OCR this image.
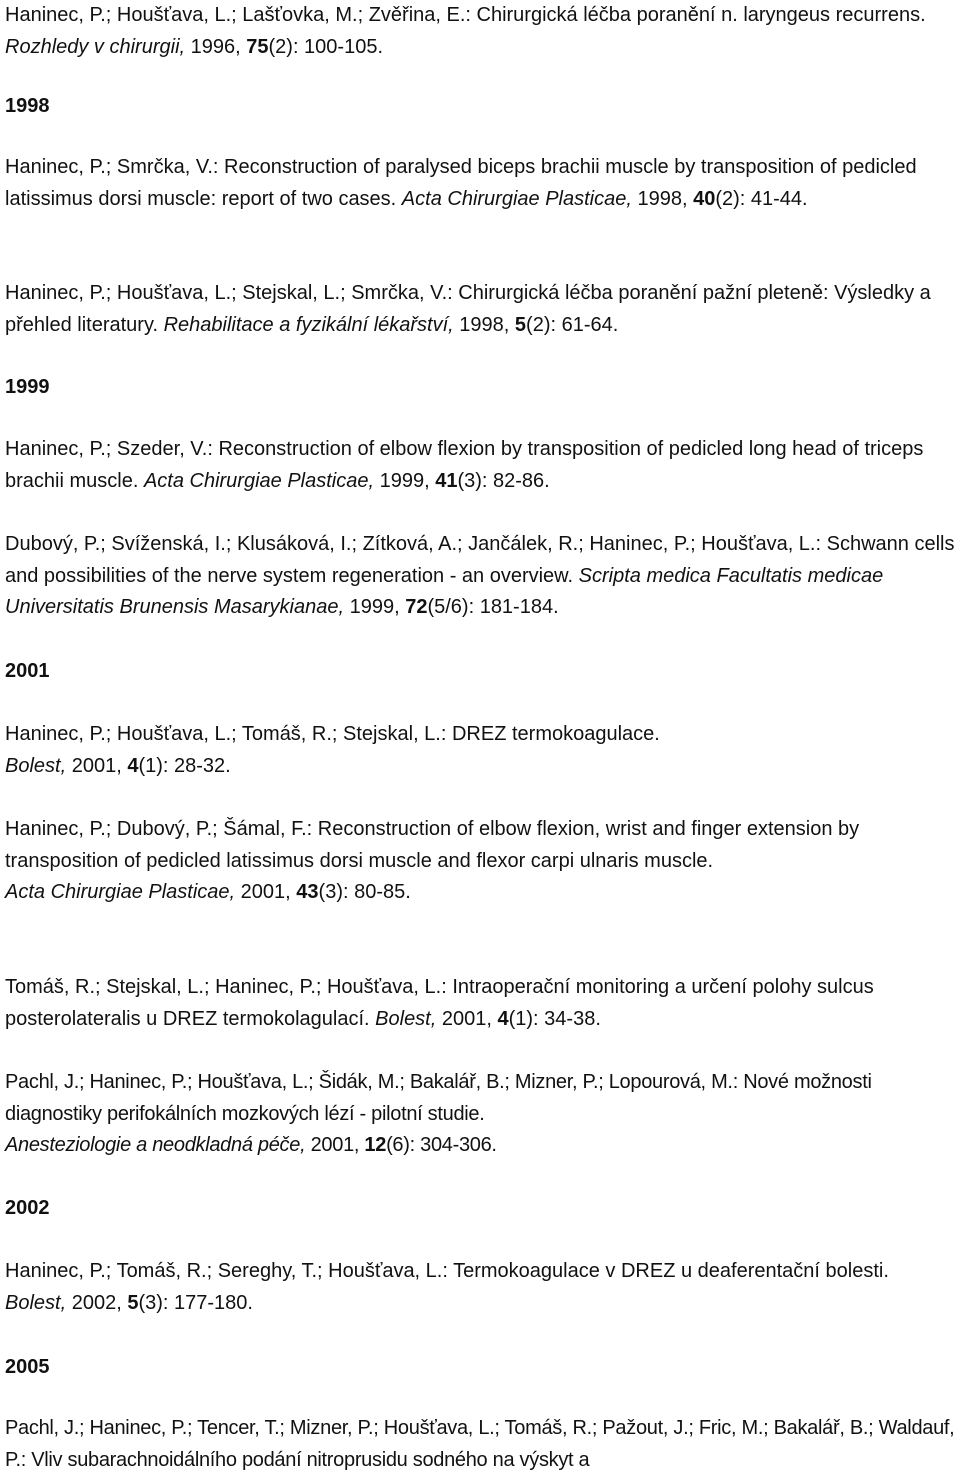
Haninec, P.; Houšťava, L.; Lašťovka, M.; Zvěřina, E.: Chirurgická léčba poranění n. laryngeus recurrens. Rozhledy v chirurgii, 1996, 75(2): 100-105.
1998
Haninec, P.; Smrčka, V.: Reconstruction of paralysed biceps brachii muscle by transposition of pedicled latissimus dorsi muscle: report of two cases. Acta Chirurgiae Plasticae, 1998, 40(2): 41-44.
Haninec, P.; Houšťava, L.; Stejskal, L.; Smrčka, V.: Chirurgická léčba poranění pažní pleteně: Výsledky a přehled literatury. Rehabilitace a fyzikální lékařství, 1998, 5(2): 61-64.
1999
Haninec, P.; Szeder, V.: Reconstruction of elbow flexion by transposition of pedicled long head of triceps brachii muscle. Acta Chirurgiae Plasticae, 1999, 41(3): 82-86.
Dubový, P.; Svíženská, I.; Klusáková, I.; Zítková, A.; Jančálek, R.; Haninec, P.; Houšťava, L.: Schwann cells and possibilities of the nerve system regeneration - an overview. Scripta medica Facultatis medicae Universitatis Brunensis Masarykianae, 1999, 72(5/6): 181-184.
2001
Haninec, P.; Houšťava, L.; Tomáš, R.; Stejskal, L.: DREZ termokoagulace.
Bolest, 2001, 4(1): 28-32.
Haninec, P.; Dubový, P.; Šámal, F.: Reconstruction of elbow flexion, wrist and finger extension by transposition of pedicled latissimus dorsi muscle and flexor carpi ulnaris muscle.
Acta Chirurgiae Plasticae, 2001, 43(3): 80-85.
Tomáš, R.; Stejskal, L.; Haninec, P.; Houšťava, L.: Intraoperační monitoring a určení polohy sulcus posterolateralis u DREZ termokolagulací. Bolest, 2001, 4(1): 34-38.
Pachl, J.; Haninec, P.; Houšťava, L.; Šidák, M.; Bakalář, B.; Mizner, P.; Lopourová, M.: Nové možnosti diagnostiky perifokálních mozkových lézí - pilotní studie.
Anesteziologie a neodkladná péče, 2001, 12(6): 304-306.
2002
Haninec, P.; Tomáš, R.; Sereghy, T.; Houšťava, L.: Termokoagulace v DREZ u deaferentační bolesti. Bolest, 2002, 5(3): 177-180.
2005
Pachl, J.; Haninec, P.; Tencer, T.; Mizner, P.; Houšťava, L.; Tomáš, R.; Pažout, J.; Fric, M.; Bakalář, B.; Waldauf, P.: Vliv subarachnoidálního podání nitroprusidu sodného na výskyt a
